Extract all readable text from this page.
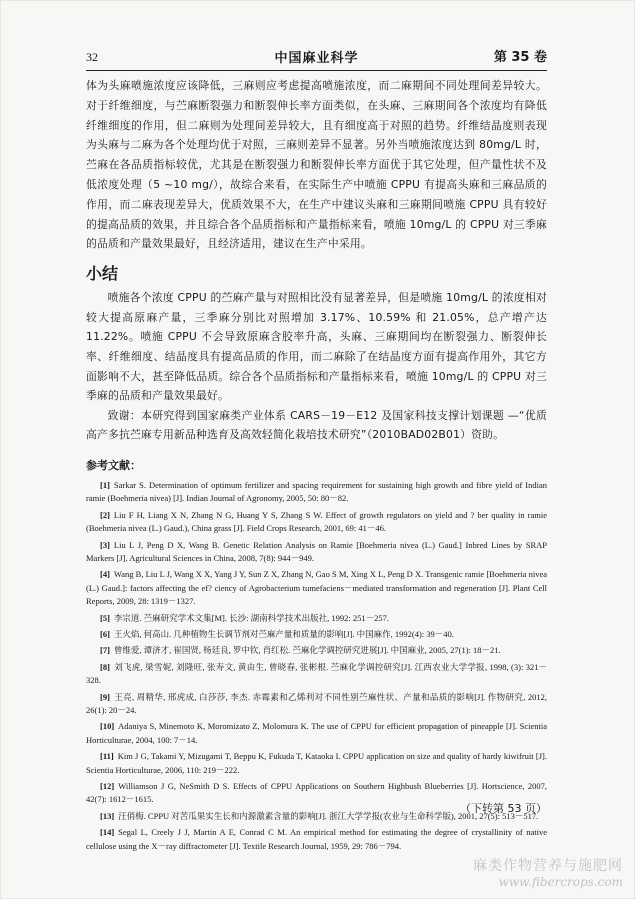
32	中国麻业科学	第 35 卷

体为头麻喷施浓度应该降低，三麻则应考虑提高喷施浓度，而二麻期间不同处理间差异较大。对于纤维细度，与苎麻断裂强力和断裂伸长率方面类似，在头麻、三麻期间各个浓度均有降低纤维细度的作用，但二麻则为处理间差异较大，且有细度高于对照的趋势。纤维结晶度则表现为头麻与二麻为各个处理均优于对照，三麻则差异不显著。另外当喷施浓度达到 80mg/L 时，苎麻在各品质指标较优，尤其是在断裂强力和断裂伸长率方面优于其它处理，但产量性状不及低浓度处理（5 ~10 mg/），故综合来看，在实际生产中喷施 CPPU 有提高头麻和三麻品质的作用，而二麻表现差异大，优质效果不大，在生产中建议头麻和三麻期间喷施 CPPU 具有较好的提高品质的效果，并且综合各个品质指标和产量指标来看，喷施 10mg/L 的 CPPU 对三季麻的品质和产量效果最好，且经济适用，建议在生产中采用。

小结

喷施各个浓度 CPPU 的苎麻产量与对照相比没有显著差异，但是喷施 10mg/L 的浓度相对较大提高原麻产量，三季麻分别比对照增加 3.17%、10.59% 和 21.05%，总产增产达 11.22%。喷施 CPPU 不会导致原麻含胶率升高，头麻、三麻期间均在断裂强力、断裂伸长率、纤维细度、结晶度具有提高品质的作用，而二麻除了在结晶度方面有提高作用外，其它方面影响不大，甚至降低品质。综合各个品质指标和产量指标来看，喷施 10mg/L 的 CPPU 对三季麻的品质和产量效果最好。

致谢：本研究得到国家麻类产业体系 CARS－19－E12 及国家科技支撑计划课题 —“优质高产多抗苎麻专用新品种选育及高效轻简化栽培技术研究”（2010BAD02B01）资助。

参考文献：
[1] Sarkar S. Determination of optimum fertilizer and spacing requirement for sustaining high growth and fibre yield of Indian ramie (Boehmeria nivea) [J]. Indian Journal of Agronomy, 2005, 50: 80－82.
[2] Liu F H, Liang X N, Zhang N G, Huang Y S, Zhang S W. Effect of growth regulators on yield and ? ber quality in ramie (Boehmeria nivea (L.) Gaud.), China grass [J]. Field Crops Research, 2001, 69: 41－46.
[3] Liu L J, Peng D X, Wang B. Genetic Relation Analysis on Ramie [Boehmeria nivea (L.) Gaud.] Inbred Lines by SRAP Markers [J]. Agricultural Sciences in China, 2008, 7(8): 944－949.
[4] Wang B, Liu L J, Wang X X, Yang J Y, Sun Z X, Zhang N, Gao S M, Xing X L, Peng D X. Transgenic ramie [Boehmeria nivea (L.) Gaud.]: factors affecting the ef? ciency of Agrobacterium tumefaciens－mediated transformation and regeneration [J]. Plant Cell Reports, 2009, 28: 1319－1327.
[5] 李宗道. 苎麻研究学术文集[M]. 长沙: 湖南科学技术出版社, 1992: 251－257.
[6] 王火焰, 何高山. 几种植物生长调节剂对苎麻产量和质量的影响[J]. 中国麻作, 1992(4): 39－40.
[7] 曾维爱, 谭济才, 崔国贤, 杨廷良, 罗中钦, 肖红松. 苎麻化学调控研究进展[J]. 中国麻业, 2005, 27(1): 18－21.
[8] 刘飞虎, 梁雪妮, 刘隆旺, 张寿文, 黄由生, 曾晓春, 张彬根. 苎麻化学调控研究[J]. 江西农业大学学报, 1998, (3): 321－328.
[9] 王亮, 周精华, 邢虎成, 白莎莎, 李杰. 赤霉素和乙烯利对不同性别苎麻性状、产量和品质的影响[J]. 作物研究, 2012, 26(1): 20－24.
[10] Adaniya S, Minemoto K, Moromizato Z, Molomura K. The use of CPPU for efficient propagation of pineapple [J]. Scientia Horticulturae, 2004, 100: 7－14.
[11] Kim J G, Takami Y, Mizugami T, Beppu K, Fukuda T, Kataoka I. CPPU application on size and quality of hardy kiwifruit [J]. Scientia Horticulturae, 2006, 110: 219－222.
[12] Williamson J G, NeSmith D S. Effects of CPPU Applications on Southern Highbush Blueberries [J]. Hortscience, 2007, 42(7): 1612－1615.
[13] 汪俏梅. CPPU 对苦瓜果实生长和内源激素含量的影响[J]. 浙江大学学报(农业与生命科学版), 2001, 27(5): 513－517.
[14] Segal L, Creely J J, Martin A E, Conrad C M. An empirical method for estimating the degree of crystallinity of native cellulose using the X－ray diffractometer [J]. Textile Research Journal, 1959, 29: 786－794.
（下转第 53 页）
麻类作物营养与施肥网
www.fibercrops.com
